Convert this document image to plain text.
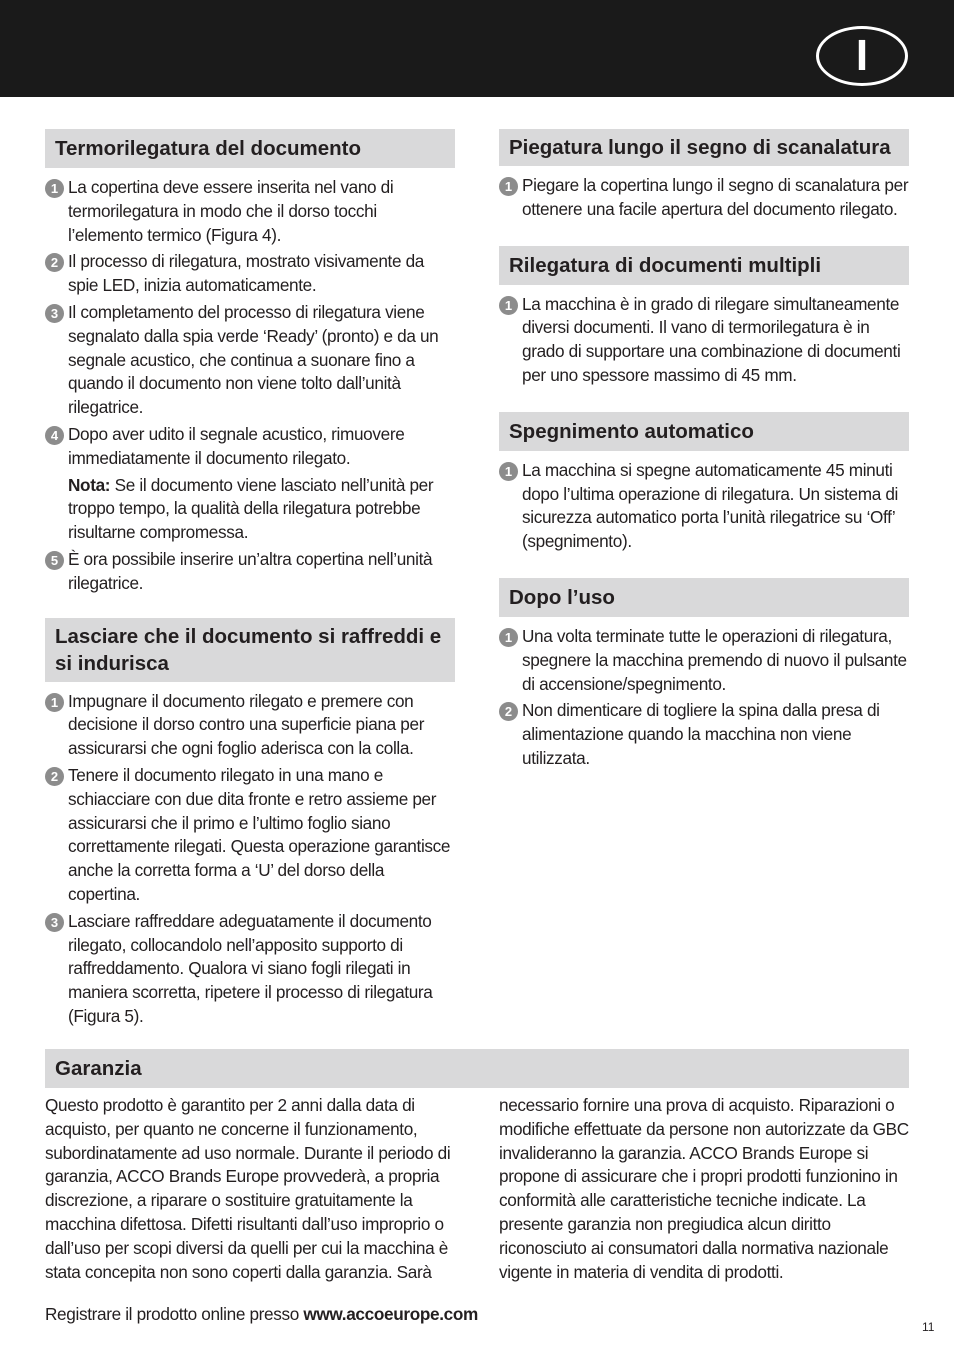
I
Termorilegatura del documento
1 La copertina deve essere inserita nel vano di termorilegatura in modo che il dorso tocchi l’elemento termico (Figura 4).
2 Il processo di rilegatura, mostrato visivamente da spie LED, inizia automaticamente.
3 Il completamento del processo di rilegatura viene segnalato dalla spia verde ‘Ready’ (pronto) e da un segnale acustico, che continua a suonare fino a quando il documento non viene tolto dall’unità rilegatrice.
4 Dopo aver udito il segnale acustico, rimuovere immediatamente il documento rilegato.
Nota: Se il documento viene lasciato nell’unità per troppo tempo, la qualità della rilegatura potrebbe risultarne compromessa.
5 È ora possibile inserire un’altra copertina nell’unità rilegatrice.
Lasciare che il documento si raffreddi e si indurisca
1 Impugnare il documento rilegato e premere con decisione il dorso contro una superficie piana per assicurarsi che ogni foglio aderisca con la colla.
2 Tenere il documento rilegato in una mano e schiacciare con due dita fronte e retro assieme per assicurarsi che il primo e l’ultimo foglio siano correttamente rilegati. Questa operazione garantisce anche la corretta forma a ‘U’ del dorso della copertina.
3 Lasciare raffreddare adeguatamente il documento rilegato, collocandolo nell’apposito supporto di raffreddamento. Qualora vi siano fogli rilegati in maniera scorretta, ripetere il processo di rilegatura (Figura 5).
Piegatura lungo il segno di scanalatura
1 Piegare la copertina lungo il segno di scanalatura per ottenere una facile apertura del documento rilegato.
Rilegatura di documenti multipli
1 La macchina è in grado di rilegare simultaneamente diversi documenti. Il vano di termorilegatura è in grado di supportare una combinazione di documenti per uno spessore massimo di 45 mm.
Spegnimento automatico
1 La macchina si spegne automaticamente 45 minuti dopo l’ultima operazione di rilegatura. Un sistema di sicurezza automatico porta l’unità rilegatrice su ‘Off’ (spegnimento).
Dopo l’uso
1 Una volta terminate tutte le operazioni di rilegatura, spegnere la macchina premendo di nuovo il pulsante di accensione/spegnimento.
2 Non dimenticare di togliere la spina dalla presa di alimentazione quando la macchina non viene utilizzata.
Garanzia

Questo prodotto è garantito per 2 anni dalla data di acquisto, per quanto ne concerne il funzionamento, subordinatamente ad uso normale. Durante il periodo di garanzia, ACCO Brands Europe provvederà, a propria discrezione, a riparare o sostituire gratuitamente la macchina difettosa. Difetti risultanti dall’uso improprio o dall’uso per scopi diversi da quelli per cui la macchina è stata concepita non sono coperti dalla garanzia. Sarà

necessario fornire una prova di acquisto. Riparazioni o modifiche effettuate da persone non autorizzate da GBC invalideranno la garanzia. ACCO Brands Europe si propone di assicurare che i propri prodotti funzionino in conformità alle caratteristiche tecniche indicate. La presente garanzia non pregiudica alcun diritto riconosciuto ai consumatori dalla normativa nazionale vigente in materia di vendita di prodotti.

Registrare il prodotto online presso www.accoeurope.com
11
